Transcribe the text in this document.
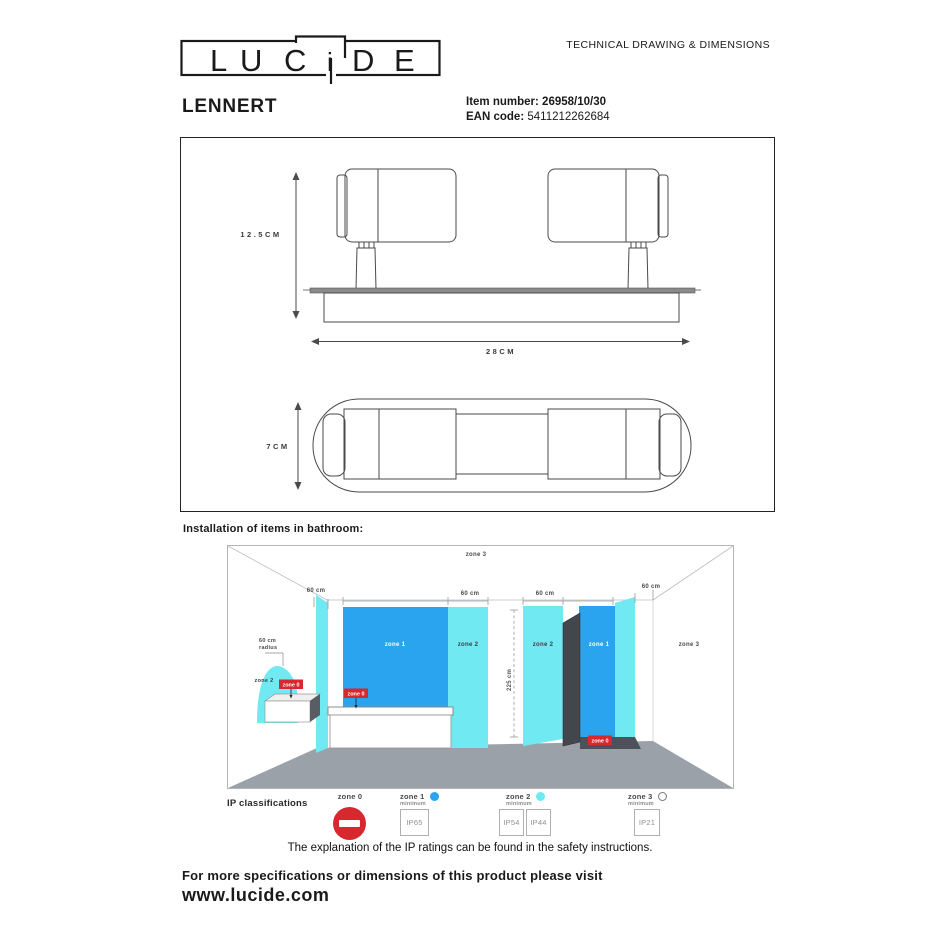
L U C i D E	TECHNICAL DRAWING & DIMENSIONS
LENNERT	Item number: 26958/10/30
EAN code: 5411212262684
12.5CM
28CM
7CM
Installation of items in bathroom:
zone 3
60 cm	60 cm	60 cm
60 cm
zone 1	zone 2	zone 2	zone 1	zone 3
zone 2
60 cm
radius
225 cm
zone 0
zone 0
zone 0
IP classifications
zone 0	zone 1
minimum
IP65
zone 2
minimum
IP54 IP44
zone 3
minimum
IP21
The explanation of the IP ratings can be found in the safety instructions.
For more specifications or dimensions of this product please visit
www.lucide.com
